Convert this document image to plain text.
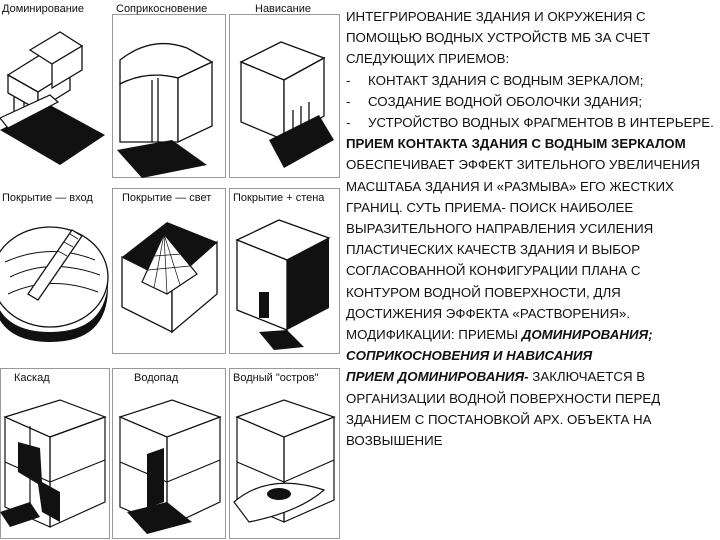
Доминирование	Соприкосновение	Нависание
Покрытие — вход	Покрытие — свет Покрытие + стена
Каскад	Водопад	Водный "остров"

ИНТЕГРИРОВАНИЕ ЗДАНИЯ И ОКРУЖЕНИЯ С ПОМОЩЬЮ ВОДНЫХ УСТРОЙСТВ МБ ЗА СЧЕТ СЛЕДУЮЩИХ ПРИЕМОВ:

-	КОНТАКТ ЗДАНИЯ С ВОДНЫМ ЗЕРКАЛОМ;
-	СОЗДАНИЕ ВОДНОЙ ОБОЛОЧКИ ЗДАНИЯ;
-	УСТРОЙСТВО ВОДНЫХ ФРАГМЕНТОВ В ИНТЕРЬЕРЕ.

ПРИЕМ КОНТАКТА ЗДАНИЯ С ВОДНЫМ ЗЕРКАЛОМ ОБЕСПЕЧИВАЕТ ЭФФЕКТ ЗИТЕЛЬНОГО УВЕЛИЧЕНИЯ МАСШТАБА ЗДАНИЯ И «РАЗМЫВА» ЕГО ЖЕСТКИХ ГРАНИЦ. СУТЬ ПРИЕМА- ПОИСК НАИБОЛЕЕ ВЫРАЗИТЕЛЬНОГО НАПРАВЛЕНИЯ УСИЛЕНИЯ ПЛАСТИЧЕСКИХ КАЧЕСТВ ЗДАНИЯ И ВЫБОР СОГЛАСОВАННОЙ КОНФИГУРАЦИИ ПЛАНА С КОНТУРОМ ВОДНОЙ ПОВЕРХНОСТИ, ДЛЯ ДОСТИЖЕНИЯ ЭФФЕКТА «РАСТВОРЕНИЯ».

МОДИФИКАЦИИ: ПРИЕМЫ ДОМИНИРОВАНИЯ; СОПРИКОСНОВЕНИЯ И НАВИСАНИЯ

ПРИЕМ ДОМИНИРОВАНИЯ- ЗАКЛЮЧАЕТСЯ В ОРГАНИЗАЦИИ ВОДНОЙ ПОВЕРХНОСТИ ПЕРЕД ЗДАНИЕМ С ПОСТАНОВКОЙ АРХ. ОБЪЕКТА НА ВОЗВЫШЕНИЕ
